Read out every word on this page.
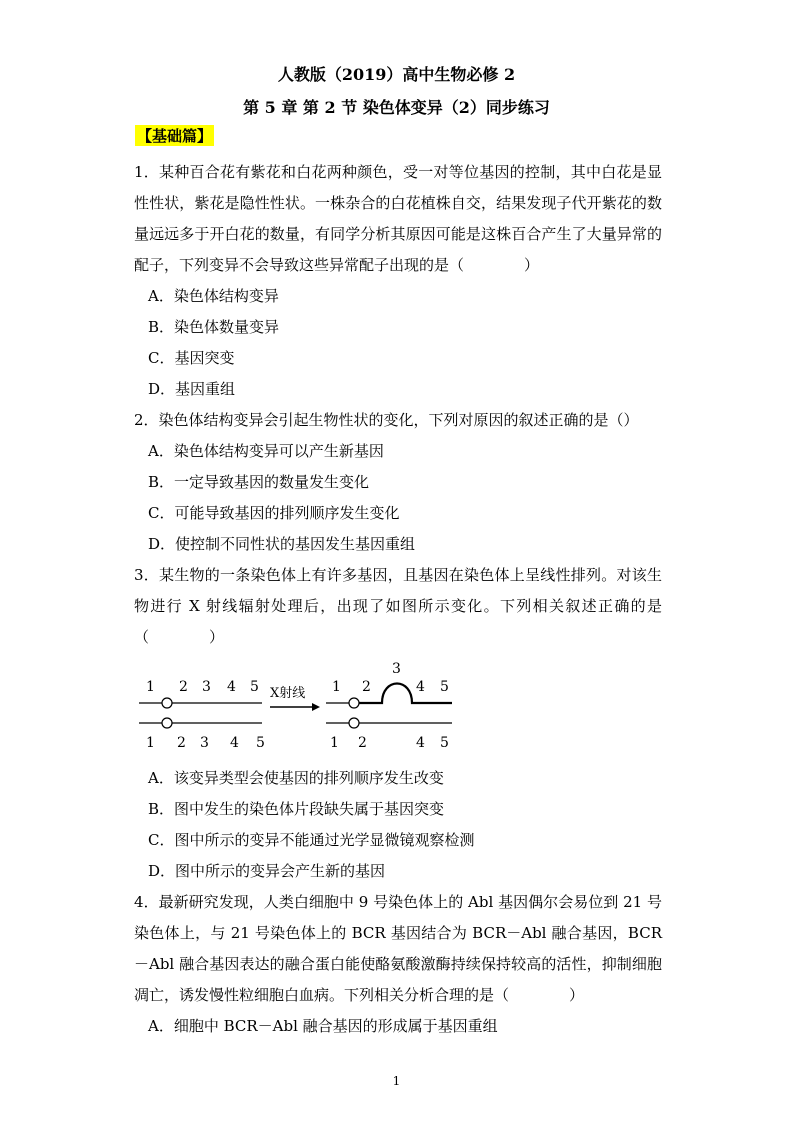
人教版（2019）高中生物必修 2
第 5 章 第 2 节 染色体变异（2）同步练习
【基础篇】

1．某种百合花有紫花和白花两种颜色，受一对等位基因的控制，其中白花是显性性状，紫花是隐性性状。一株杂合的白花植株自交，结果发现子代开紫花的数量远远多于开白花的数量，有同学分析其原因可能是这株百合产生了大量异常的配子，下列变异不会导致这些异常配子出现的是（　　　　）

A．染色体结构变异

B．染色体数量变异

C．基因突变

D．基因重组

2．染色体结构变异会引起生物性状的变化，下列对原因的叙述正确的是（）

A．染色体结构变异可以产生新基因

B．一定导致基因的数量发生变化

C．可能导致基因的排列顺序发生变化

D．使控制不同性状的基因发生基因重组

3．某生物的一条染色体上有许多基因，且基因在染色体上呈线性排列。对该生物进行 X 射线辐射处理后，出现了如图所示变化。下列相关叙述正确的是（　　　　）

1 2 3 4 5
1 2 3 4 5
X射线 1 2
3
4 5
1 2	4 5

A．该变异类型会使基因的排列顺序发生改变

B．图中发生的染色体片段缺失属于基因突变

C．图中所示的变异不能通过光学显微镜观察检测

D．图中所示的变异会产生新的基因

4．最新研究发现，人类白细胞中 9 号染色体上的 Abl 基因偶尔会易位到 21 号染色体上，与 21 号染色体上的 BCR 基因结合为 BCR－Abl 融合基因，BCR－Abl 融合基因表达的融合蛋白能使酪氨酸激酶持续保持较高的活性，抑制细胞凋亡，诱发慢性粒细胞白血病。下列相关分析合理的是（　　　　）

A．细胞中 BCR－Abl 融合基因的形成属于基因重组

1
